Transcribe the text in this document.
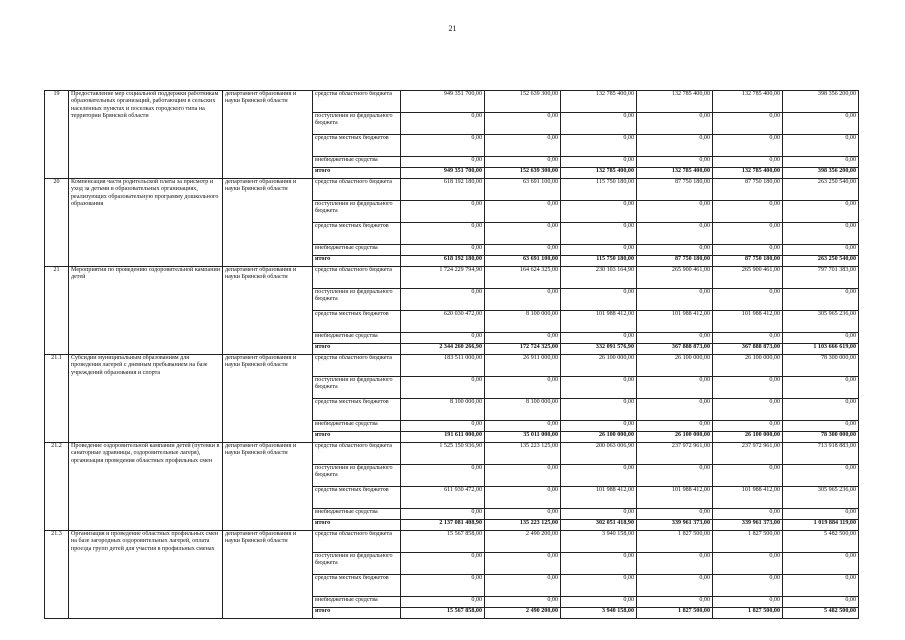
21
19	Предоставление мер социальной поддержки работникам образовательных организаций, работающим в сельских населенных пунктах и поселках городского типа на территории Брянской области	департамент образования и науки Брянской области	средства областного бюджета	949 351 700,00	152 639 300,00	132 785 400,00	132 785 400,00	132 785 400,00	398 356 200,00
			поступления из федерального бюджета	0,00	0,00	0,00	0,00	0,00	0,00
			средства местных бюджетов	0,00	0,00	0,00	0,00	0,00	0,00
			внебюджетные средства	0,00	0,00	0,00	0,00	0,00	0,00
			итого	949 351 700,00	152 639 300,00	132 785 400,00	132 785 400,00	132 785 400,00	398 356 200,00
20	Компенсация части родительской платы за присмотр и уход за детьми в образовательных организациях, реализующих образовательную программу дошкольного образования	департамент образования и науки Брянской области	средства областного бюджета	618 192 180,00	63 691 100,00	115 750 180,00	87 750 180,00	87 750 180,00	263 250 540,00
			поступления из федерального бюджета	0,00	0,00	0,00	0,00	0,00	0,00
			средства местных бюджетов	0,00	0,00	0,00	0,00	0,00	0,00
			внебюджетные средства	0,00	0,00	0,00	0,00	0,00	0,00
			итого	618 192 180,00	63 691 100,00	115 750 180,00	87 750 180,00	87 750 180,00	263 250 540,00
21	Мероприятия по проведению оздоровительной кампании детей	департамент образования и науки Брянской области	средства областного бюджета	1 724 229 794,90	164 624 325,00	230 103 164,90	265 900 461,00	265 900 461,00	797 701 383,00
			поступления из федерального бюджета	0,00	0,00	0,00	0,00	0,00	0,00
			средства местных бюджетов	620 030 472,00	8 100 000,00	101 988 412,00	101 988 412,00	101 988 412,00	305 965 236,00
			внебюджетные средства	0,00	0,00	0,00	0,00	0,00	0,00
			итого	2 344 260 266,90	172 724 325,00	332 091 576,90	367 888 873,00	367 888 873,00	1 103 666 619,00
21.1	Субсидии муниципальным образованиям для проведения лагерей с дневным пребыванием на базе учреждений образования и спорта	департамент образования и науки Брянской области	средства областного бюджета	183 511 000,00	26 911 000,00	26 100 000,00	26 100 000,00	26 100 000,00	78 300 000,00
			поступления из федерального бюджета	0,00	0,00	0,00	0,00	0,00	0,00
			средства местных бюджетов	8 100 000,00	8 100 000,00	0,00	0,00	0,00	0,00
			внебюджетные средства	0,00	0,00	0,00	0,00	0,00	0,00
			итого	191 611 000,00	35 011 000,00	26 100 000,00	26 100 000,00	26 100 000,00	78 300 000,00
21.2	Проведение оздоровительной кампании детей (путевки в санаторные здравницы, оздоровительные лагеря), организация проведения областных профильных смен	департамент образования и науки Брянской области	средства областного бюджета	1 525 150 936,90	135 223 125,00	200 063 006,90	237 972 961,00	237 972 961,00	713 918 883,00
			поступления из федерального бюджета	0,00	0,00	0,00	0,00	0,00	0,00
			средства местных бюджетов	611 930 472,00	0,00	101 988 412,00	101 988 412,00	101 988 412,00	305 965 236,00
			внебюджетные средства	0,00	0,00	0,00	0,00	0,00	0,00
			итого	2 137 081 408,90	135 223 125,00	302 051 418,90	339 961 373,00	339 961 373,00	1 019 884 119,00
21.3	Организация и проведение областных профильных смен на базе загородных оздоровительных лагерей, оплата проезда групп детей для участия в профильных сменах	департамент образования и науки Брянской области	средства областного бюджета	15 567 858,00	2 490 200,00	3 940 158,00	1 827 500,00	1 827 500,00	5 482 500,00
			поступления из федерального бюджета	0,00	0,00	0,00	0,00	0,00	0,00
			средства местных бюджетов	0,00	0,00	0,00	0,00	0,00	0,00
			внебюджетные средства	0,00	0,00	0,00	0,00	0,00	0,00
			итого	15 567 858,00	2 490 200,00	3 940 158,00	1 827 500,00	1 827 500,00	5 482 500,00
